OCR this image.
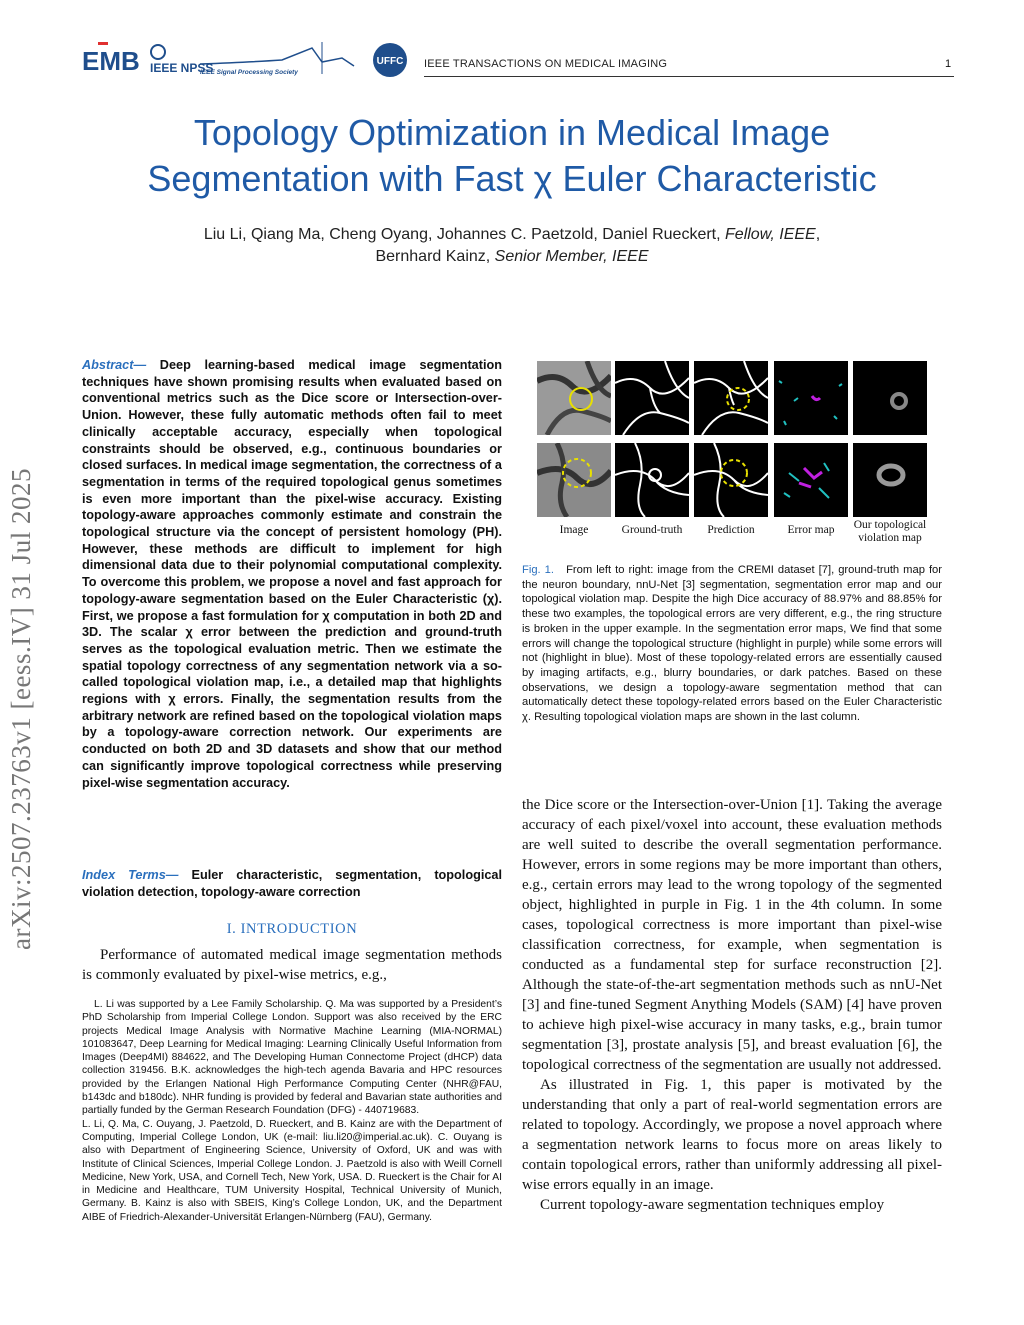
EMB IEEE NPSS
IEEE Signal Processing Society
UFFC IEEE TRANSACTIONS ON MEDICAL IMAGING	1
Topology Optimization in Medical Image
Segmentation with Fast χ Euler Characteristic
Liu Li, Qiang Ma, Cheng Oyang, Johannes C. Paetzold, Daniel Rueckert, Fellow, IEEE,
Bernhard Kainz, Senior Member, IEEE
arXiv:2507.23763v1 [eess.IV] 31 Jul 2025
Abstract— Deep learning-based medical image segmentation techniques have shown promising results when evaluated based on conventional metrics such as the Dice score or Intersection-over-Union. However, these fully automatic methods often fail to meet clinically acceptable accuracy, especially when topological constraints should be observed, e.g., continuous boundaries or closed surfaces. In medical image segmentation, the correctness of a segmentation in terms of the required topological genus sometimes is even more important than the pixel-wise accuracy. Existing topology-aware approaches commonly estimate and constrain the topological structure via the concept of persistent homology (PH). However, these methods are difficult to implement for high dimensional data due to their polynomial computational complexity. To overcome this problem, we propose a novel and fast approach for topology-aware segmentation based on the Euler Characteristic (χ). First, we propose a fast formulation for χ computation in both 2D and 3D. The scalar χ error between the prediction and ground-truth serves as the topological evaluation metric. Then we estimate the spatial topology correctness of any segmentation network via a so-called topological violation map, i.e., a detailed map that highlights regions with χ errors. Finally, the segmentation results from the arbitrary network are refined based on the topological violation maps by a topology-aware correction network. Our experiments are conducted on both 2D and 3D datasets and show that our method can significantly improve topological correctness while preserving pixel-wise segmentation accuracy.
Index Terms— Euler characteristic, segmentation, topological violation detection, topology-aware correction
I. INTRODUCTION

Performance of automated medical image segmentation methods is commonly evaluated by pixel-wise metrics, e.g.,

L. Li was supported by a Lee Family Scholarship. Q. Ma was supported by a President’s PhD Scholarship from Imperial College London. Support was also received by the ERC projects Medical Image Analysis with Normative Machine Learning (MIA-NORMAL) 101083647, Deep Learning for Medical Imaging: Learning Clinically Useful Information from Images (Deep4MI) 884622, and The Developing Human Connectome Project (dHCP) data collection 319456. B.K. acknowledges the high-tech agenda Bavaria and HPC resources provided by the Erlangen National High Performance Computing Center (NHR@FAU, b143dc and b180dc). NHR funding is provided by federal and Bavarian state authorities and partially funded by the German Research Foundation (DFG) - 440719683.

L. Li, Q. Ma, C. Ouyang, J. Paetzold, D. Rueckert, and B. Kainz are with the Department of Computing, Imperial College London, UK (e-mail: liu.li20@imperial.ac.uk). C. Ouyang is also with Department of Engineering Science, University of Oxford, UK and was with Institute of Clinical Sciences, Imperial College London. J. Paetzold is also with Weill Cornell Medicine, New York, USA, and Cornell Tech, New York, USA. D. Rueckert is the Chair for AI in Medicine and Healthcare, TUM University Hospital, Technical University of Munich, Germany. B. Kainz is also with SBEIS, King’s College London, UK, and the Department AIBE of Friedrich-Alexander-Universität Erlangen-Nürnberg (FAU), Germany.

Image	Ground-truth	Prediction	Error map	Our topological
violation map
Fig. 1. From left to right: image from the CREMI dataset [7], ground-truth map for the neuron boundary, nnU-Net [3] segmentation, segmentation error map and our topological violation map. Despite the high Dice accuracy of 88.97% and 88.85% for these two examples, the topological errors are very different, e.g., the ring structure is broken in the upper example. In the segmentation error maps, We find that some errors will change the topological structure (highlight in purple) while some errors will not (highlight in blue). Most of these topology-related errors are essentially caused by imaging artifacts, e.g., blurry boundaries, or dark patches. Based on these observations, we design a topology-aware segmentation method that can automatically detect these topology-related errors based on the Euler Characteristic χ. Resulting topological violation maps are shown in the last column.

the Dice score or the Intersection-over-Union [1]. Taking the average accuracy of each pixel/voxel into account, these evaluation methods are well suited to describe the overall segmentation performance. However, errors in some regions may be more important than others, e.g., certain errors may lead to the wrong topology of the segmented object, highlighted in purple in Fig. 1 in the 4th column. In some cases, topological correctness is more important than pixel-wise classification correctness, for example, when segmentation is conducted as a fundamental step for surface reconstruction [2]. Although the state-of-the-art segmentation methods such as nnU-Net [3] and fine-tuned Segment Anything Models (SAM) [4] have proven to achieve high pixel-wise accuracy in many tasks, e.g., brain tumor segmentation [3], prostate analysis [5], and breast evaluation [6], the topological correctness of the segmentation are usually not addressed.

As illustrated in Fig. 1, this paper is motivated by the understanding that only a part of real-world segmentation errors are related to topology. Accordingly, we propose a novel approach where a segmentation network learns to focus more on areas likely to contain topological errors, rather than uniformly addressing all pixel-wise errors equally in an image.

Current topology-aware segmentation techniques employ
